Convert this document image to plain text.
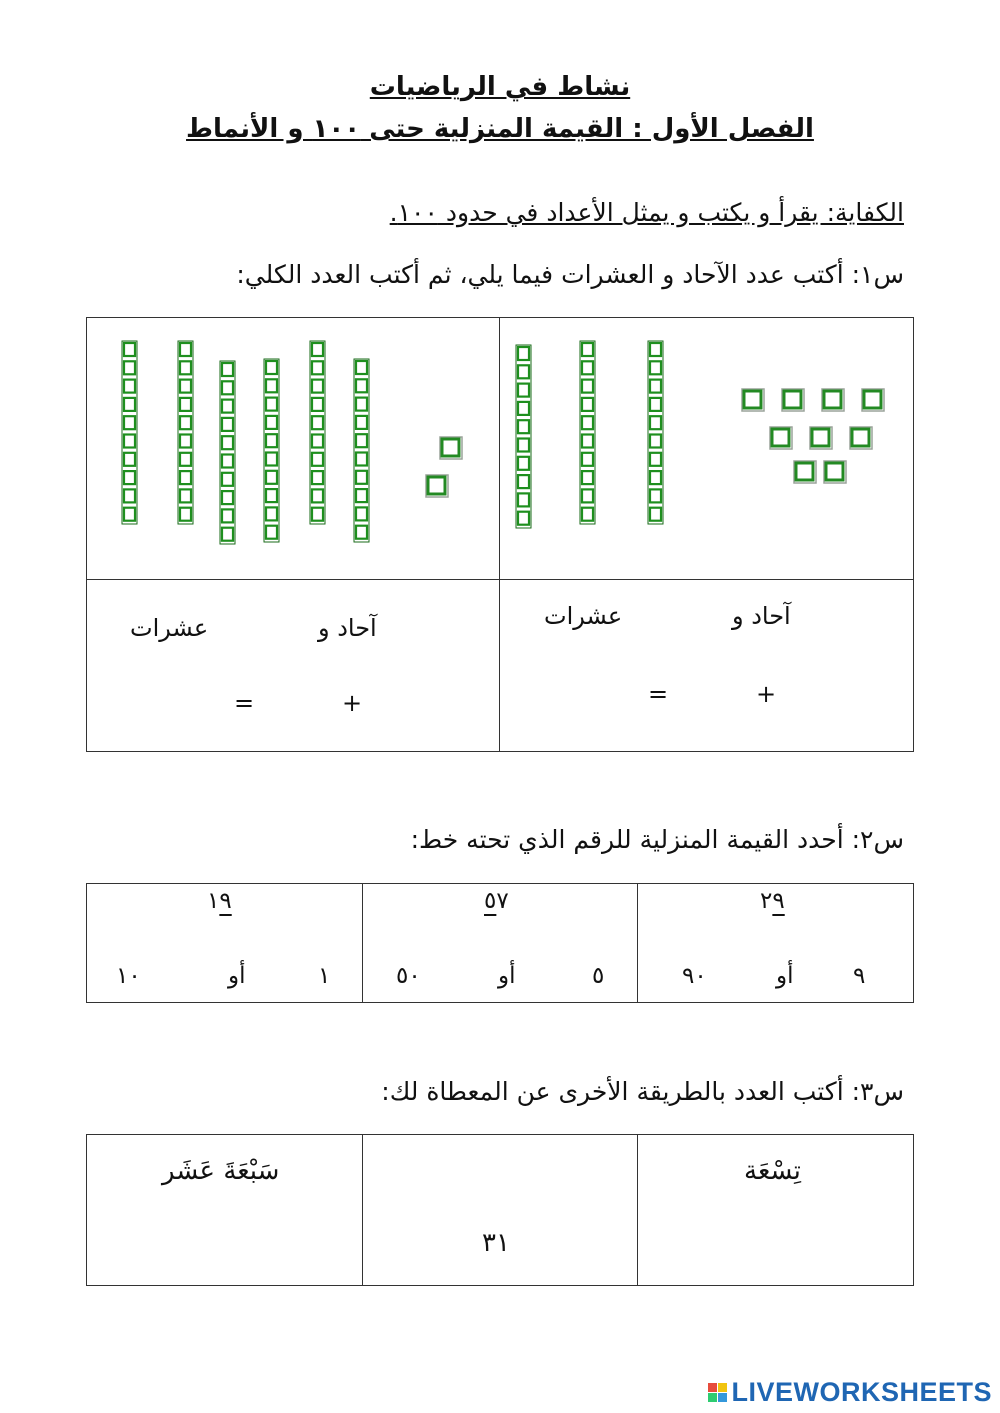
نشاط في الرياضيات
الفصل الأول : القيمة المنزلية حتى ١٠٠ و الأنماط
الكفاية: يقرأ و يكتب و يمثل الأعداد في حدود ١٠٠.
س١: أكتب عدد الآحاد و العشرات فيما يلي، ثم أكتب العدد الكلي:
آحاد و
عشرات
+
=
آحاد و
عشرات
+
=
س٢: أحدد القيمة المنزلية للرقم الذي تحته خط:
٢٩
٩
أو
٩٠
٥٧
٥
أو
٥٠
١٩
١
أو
١٠
س٣: أكتب العدد بالطريقة الأخرى عن المعطاة لك:
تِسْعَة
٣١
سَبْعَةَ عَشَر
LIVEWORKSHEETS
